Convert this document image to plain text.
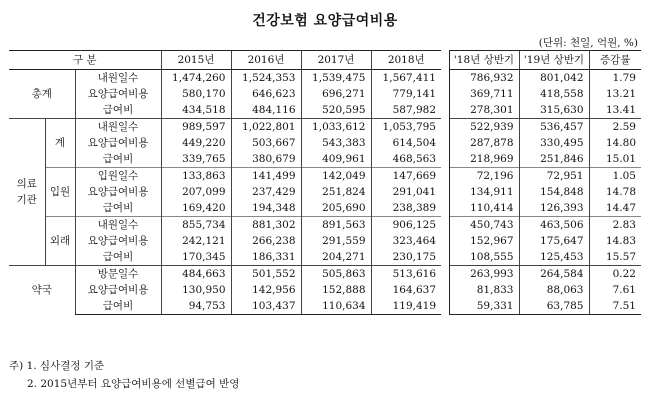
건강보험 요양급여비용
(단위: 천일, 억원, %)
구 분			2015년	2016년	2017년	2018년		'18년 상반기	'19년 상반기	증감률
총계		내원일수	1,474,260	1,524,353	1,539,475	1,567,411		786,932	801,042	1.79
		요양급여비용	580,170	646,623	696,271	779,141		369,711	418,558	13.21
		급여비	434,518	484,116	520,595	587,982		278,301	315,630	13.41
의료
기관	계	내원일수	989,597	1,022,801	1,033,612	1,053,795		522,939	536,457	2.59
		요양급여비용	449,220	503,667	543,383	614,504		287,878	330,495	14.80
		급여비	339,765	380,679	409,961	468,563		218,969	251,846	15.01
	입원	입원일수	133,863	141,499	142,049	147,669		72,196	72,951	1.05
		요양급여비용	207,099	237,429	251,824	291,041		134,911	154,848	14.78
		급여비	169,420	194,348	205,690	238,389		110,414	126,393	14.47
	외래	내원일수	855,734	881,302	891,563	906,125		450,743	463,506	2.83
		요양급여비용	242,121	266,238	291,559	323,464		152,967	175,647	14.83
		급여비	170,345	186,331	204,271	230,175		108,555	125,453	15.57
약국		방문일수	484,663	501,552	505,863	513,616		263,993	264,584	0.22
		요양급여비용	130,950	142,956	152,888	164,637		81,833	88,063	7.61
		급여비	94,753	103,437	110,634	119,419		59,331	63,785	7.51
주) 1. 심사결정 기준
2. 2015년부터 요양급여비용에 선별급여 반영
